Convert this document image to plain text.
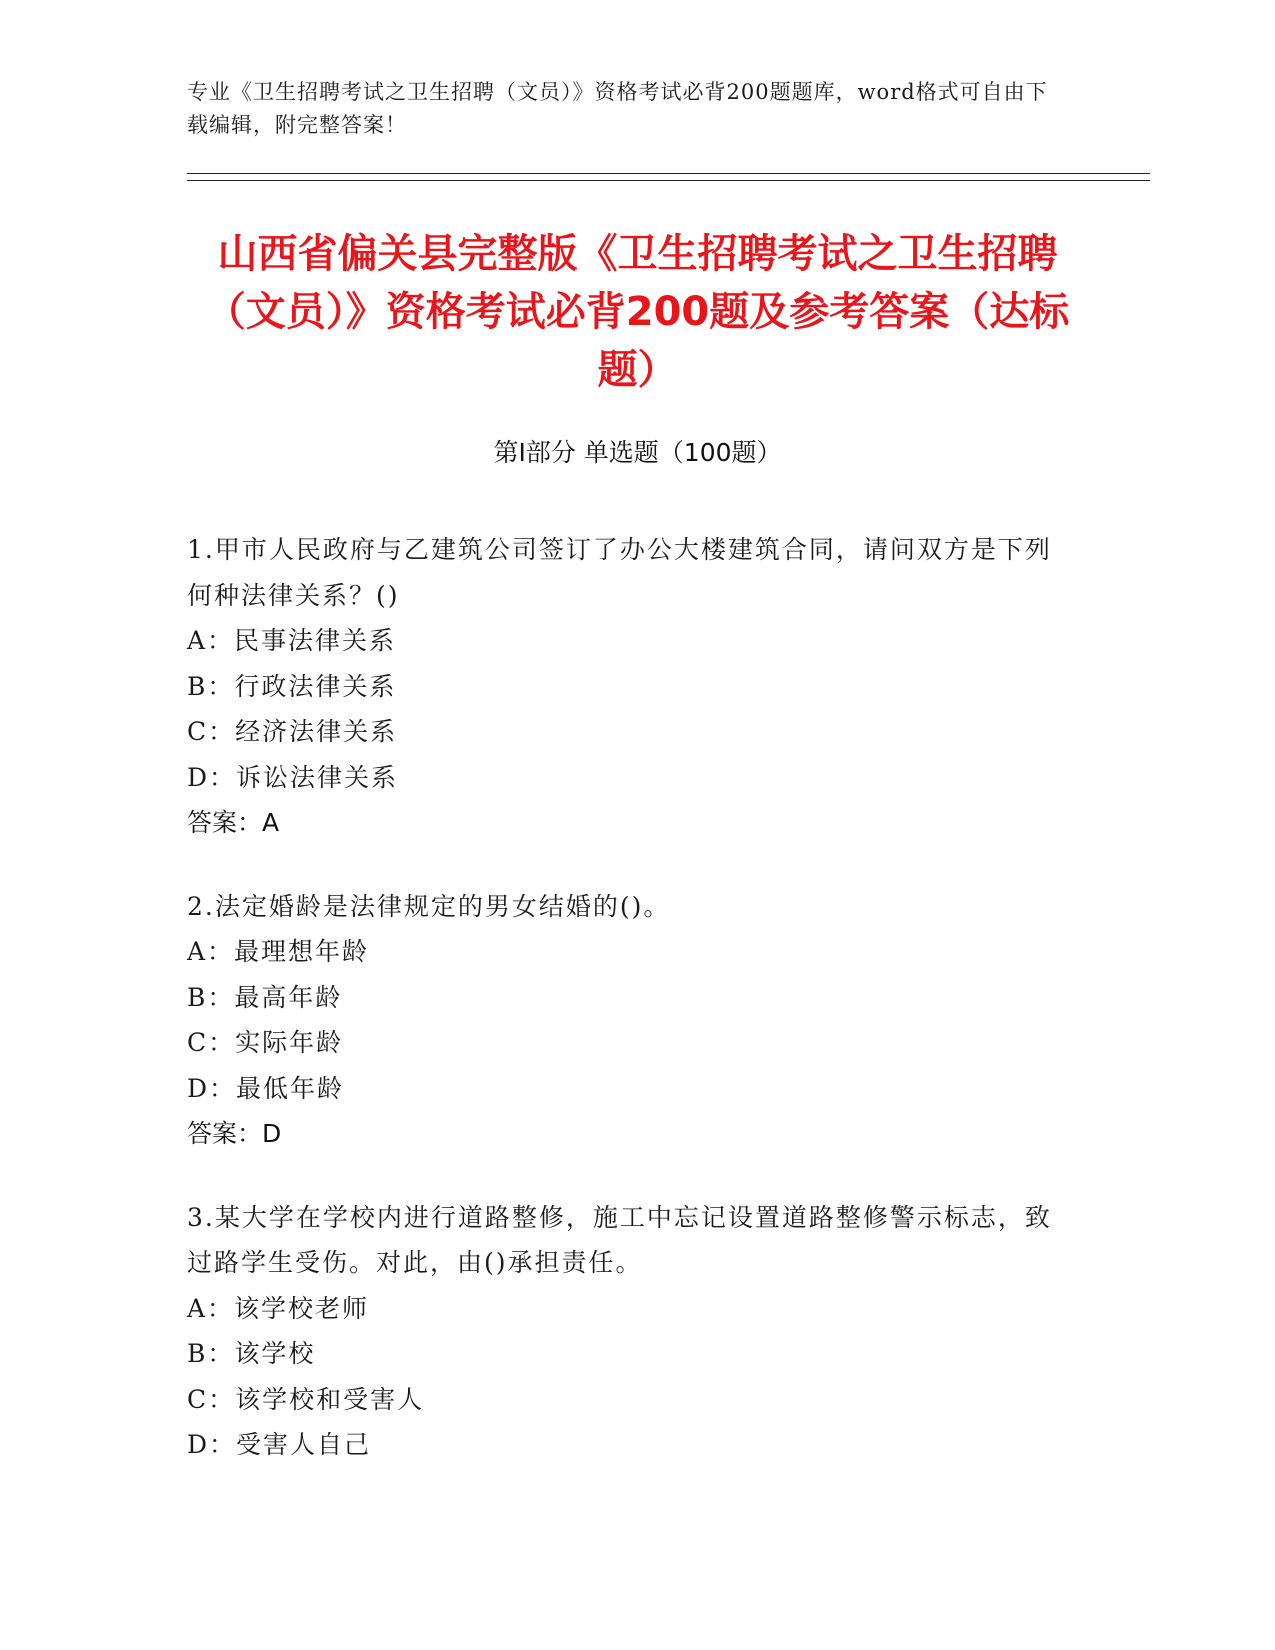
专业《卫生招聘考试之卫生招聘（文员）》资格考试必背200题题库，word格式可自由下载编辑，附完整答案！
山西省偏关县完整版《卫生招聘考试之卫生招聘（文员）》资格考试必背200题及参考答案（达标题）
第I部分 单选题（100题）

1.甲市人民政府与乙建筑公司签订了办公大楼建筑合同，请问双方是下列何种法律关系？()

A：民事法律关系

B：行政法律关系

C：经济法律关系

D：诉讼法律关系

答案：A

2.法定婚龄是法律规定的男女结婚的()。

A：最理想年龄

B：最高年龄

C：实际年龄

D：最低年龄

答案：D

3.某大学在学校内进行道路整修，施工中忘记设置道路整修警示标志，致过路学生受伤。对此，由()承担责任。

A：该学校老师

B：该学校

C：该学校和受害人

D：受害人自己
